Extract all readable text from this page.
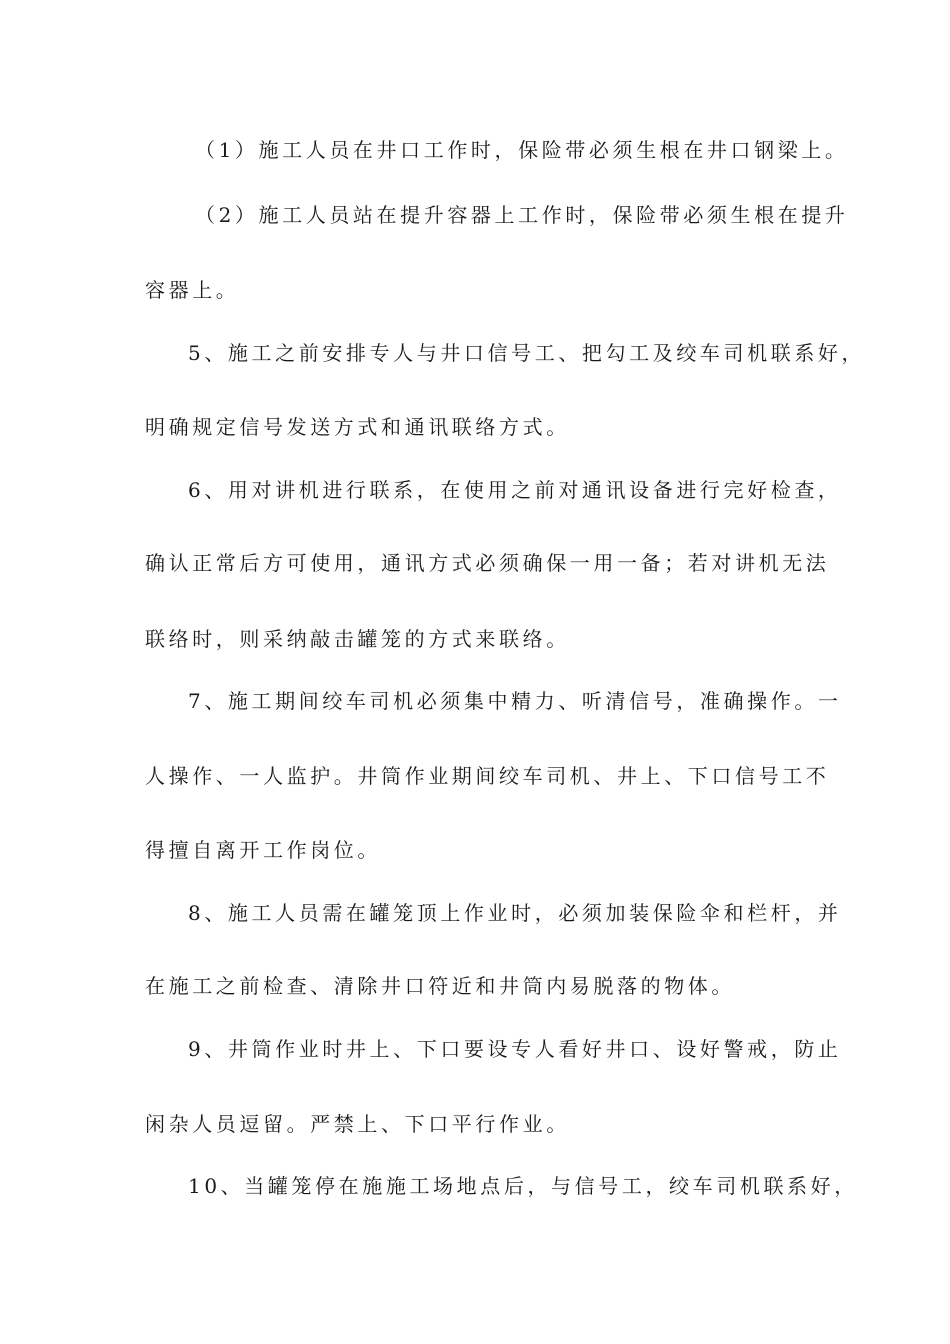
（1）施工人员在井口工作时，保险带必须生根在井口钢梁上。
（2）施工人员站在提升容器上工作时，保险带必须生根在提升
容器上。
5、施工之前安排专人与井口信号工、把勾工及绞车司机联系好，
明确规定信号发送方式和通讯联络方式。
6、用对讲机进行联系，在使用之前对通讯设备进行完好检查，
确认正常后方可使用，通讯方式必须确保一用一备；若对讲机无法
联络时，则采纳敲击罐笼的方式来联络。
7、施工期间绞车司机必须集中精力、听清信号，准确操作。一
人操作、一人监护。井筒作业期间绞车司机、井上、下口信号工不
得擅自离开工作岗位。
8、施工人员需在罐笼顶上作业时，必须加装保险伞和栏杆，并
在施工之前检查、清除井口符近和井筒内易脱落的物体。
9、井筒作业时井上、下口要设专人看好井口、设好警戒，防止
闲杂人员逗留。严禁上、下口平行作业。
10、当罐笼停在施施工场地点后，与信号工，绞车司机联系好，
